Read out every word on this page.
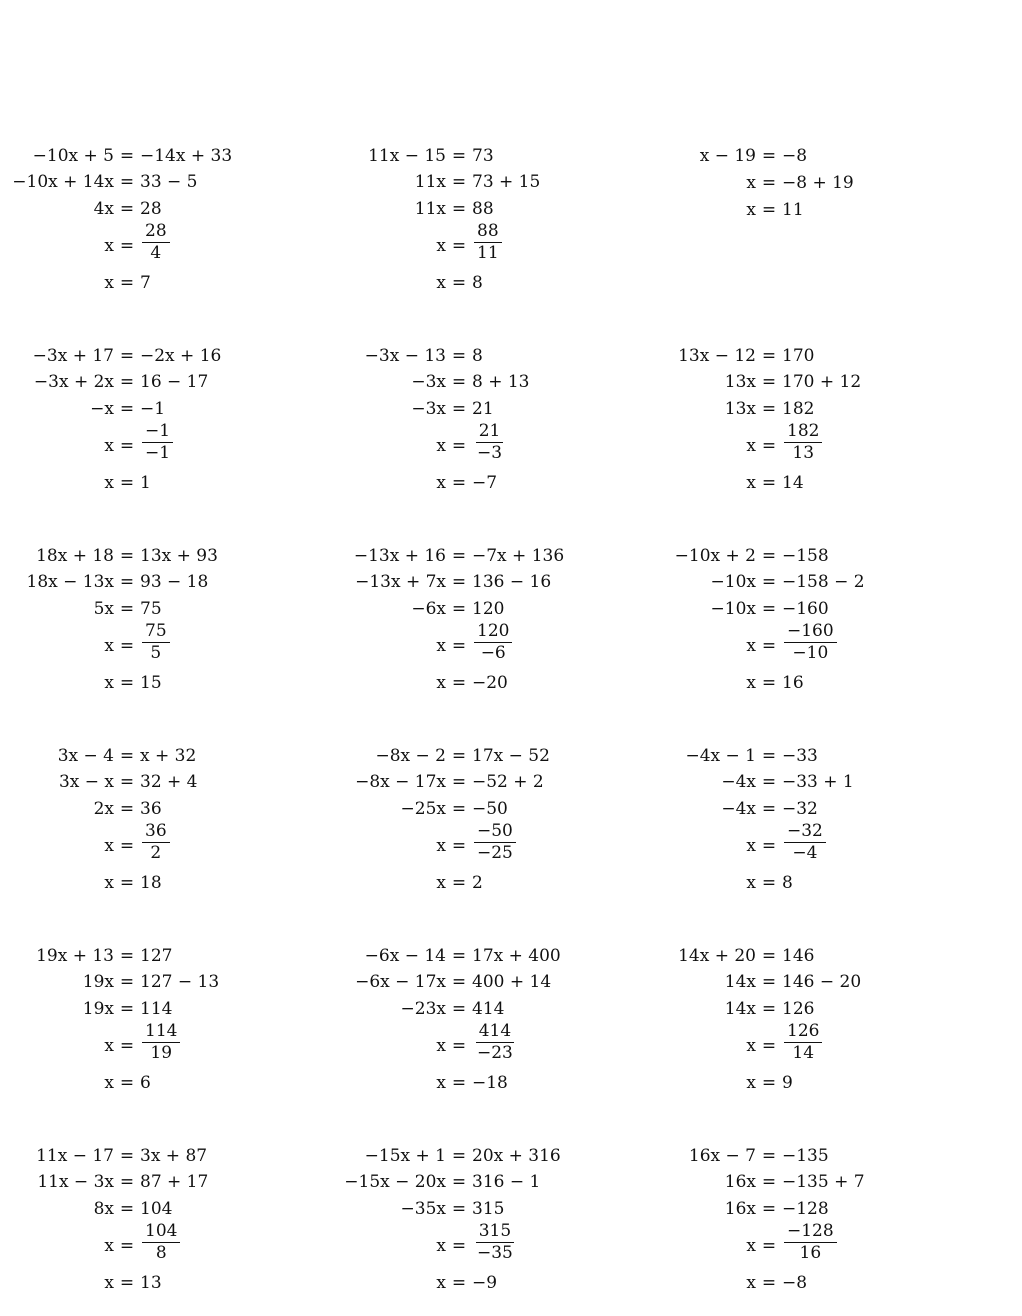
−10x + 5 = −14x + 33
−10x + 14x = 33 − 5
4x = 28
$x = \frac{28}{4}$
x = 7
11x − 15 = 73
11x = 73 + 15
11x = 88
$x = \frac{88}{11}$
x = 8
x − 19 = −8
x = −8 + 19
x = 11
−3x + 17 = −2x + 16
−3x + 2x = 16 − 17
−x = −1
$x = \frac{-1}{-1}$
x = 1
−3x − 13 = 8
−3x = 8 + 13
−3x = 21
$x = \frac{21}{-3}$
x = −7
13x − 12 = 170
13x = 170 + 12
13x = 182
$x = \frac{182}{13}$
x = 14
18x + 18 = 13x + 93
18x − 13x = 93 − 18
5x = 75
$x = \frac{75}{5}$
x = 15
−13x + 16 = −7x + 136
−13x + 7x = 136 − 16
−6x = 120
$x = \frac{120}{-6}$
x = −20
−10x + 2 = −158
−10x = −158 − 2
−10x = −160
$x = \frac{-160}{-10}$
x = 16
3x − 4 = x + 32
3x − x = 32 + 4
2x = 36
$x = \frac{36}{2}$
x = 18
−8x − 2 = 17x − 52
−8x − 17x = −52 + 2
−25x = −50
$x = \frac{-50}{-25}$
x = 2
−4x − 1 = −33
−4x = −33 + 1
−4x = −32
$x = \frac{-32}{-4}$
x = 8
19x + 13 = 127
19x = 127 − 13
19x = 114
$x = \frac{114}{19}$
x = 6
−6x − 14 = 17x + 400
−6x − 17x = 400 + 14
−23x = 414
$x = \frac{414}{-23}$
x = −18
14x + 20 = 146
14x = 146 − 20
14x = 126
$x = \frac{126}{14}$
x = 9
11x − 17 = 3x + 87
11x − 3x = 87 + 17
8x = 104
$x = \frac{104}{8}$
x = 13
−15x + 1 = 20x + 316
−15x − 20x = 316 − 1
−35x = 315
$x = \frac{315}{-35}$
x = −9
16x − 7 = −135
16x = −135 + 7
16x = −128
$x = \frac{-128}{16}$
x = −8
